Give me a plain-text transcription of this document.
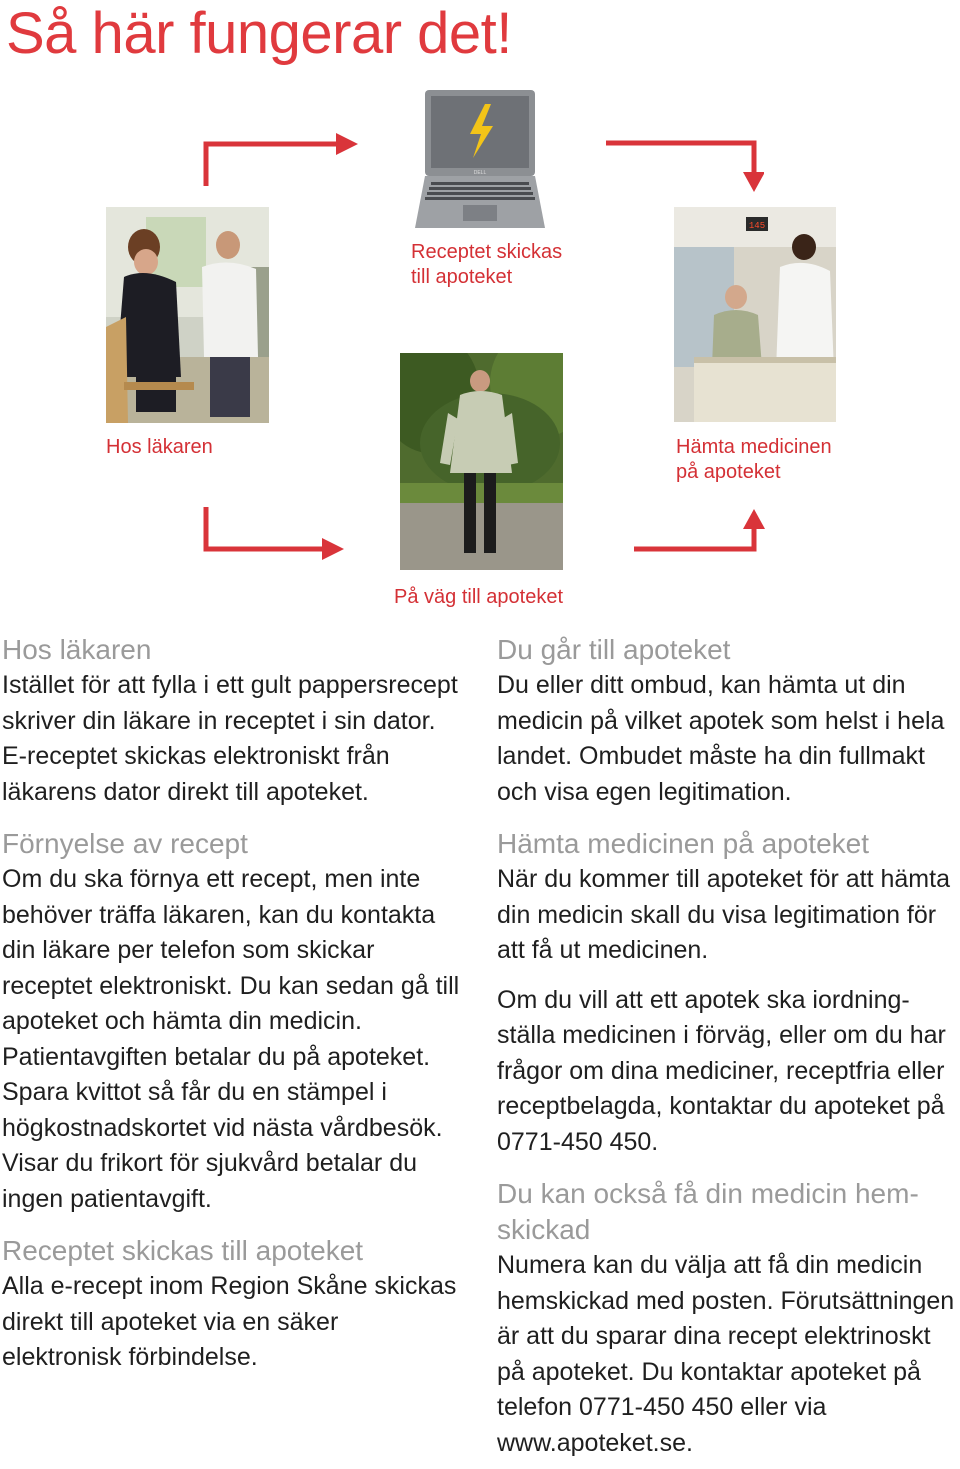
Så här fungerar det!
DELL
145
Hos läkaren
Receptet skickas
till apoteket
På väg till apoteket
Hämta medicinen
på apoteket
Hos läkaren

Istället för att fylla i ett gult pappersrecept skriver din läkare in receptet i sin dator. E-receptet skickas elektroniskt från läkarens dator direkt till apoteket.

Förnyelse av recept

Om du ska förnya ett recept, men inte behöver träffa läkaren, kan du kontakta din läkare per telefon som skickar receptet elektroniskt. Du kan sedan gå till apoteket och hämta din medicin. Patientavgiften betalar du på apoteket. Spara kvittot så får du en stämpel i högkostnadskortet vid nästa vårdbesök. Visar du frikort för sjukvård betalar du ingen patientavgift.

Receptet skickas till apoteket

Alla e-recept inom Region Skåne skickas direkt till apoteket via en säker elektronisk förbindelse.

Du går till apoteket

Du eller ditt ombud, kan hämta ut din medicin på vilket apotek som helst i hela landet. Ombudet måste ha din fullmakt och visa egen legitimation.

Hämta medicinen på apoteket

När du kommer till apoteket för att hämta din medicin skall du visa legitimation för att få ut medicinen.

Om du vill att ett apotek ska iordningställa medicinen i förväg, eller om du har frågor om dina mediciner, receptfria eller receptbelagda, kontaktar du apoteket på 0771-450 450.

Du kan också få din medicin hemskickad

Numera kan du välja att få din medicin hemskickad med posten. Förutsättningen är att du sparar dina recept elektrinoskt på apoteket. Du kontaktar apoteket på telefon 0771-450 450 eller via www.apoteket.se.
